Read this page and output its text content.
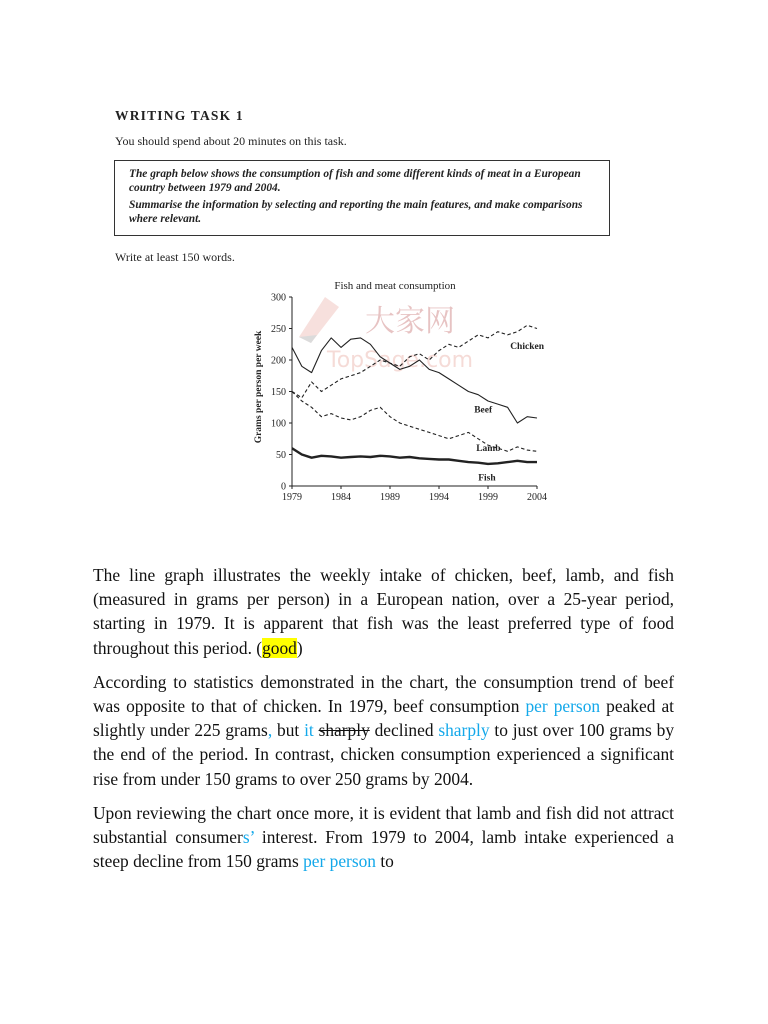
WRITING TASK 1
You should spend about 20 minutes on this task.

The graph below shows the consumption of fish and some different kinds of meat in a European country between 1979 and 2004.

Summarise the information by selecting and reporting the main features, and make comparisons where relevant.

Write at least 150 words.
大家网
TopSage.com
Fish and meat consumption
Grams per person per week
0
50
100
150
200
250
300
1979	1984	1989	1994	1999	2004
Chicken
Beef
Lamb
Fish

The line graph illustrates the weekly intake of chicken, beef, lamb, and fish (measured in grams per person) in a European nation, over a 25-year period, starting in 1979. It is apparent that fish was the least preferred type of food throughout this period. (good)

According to statistics demonstrated in the chart, the consumption trend of beef was opposite to that of chicken. In 1979, beef consumption per person peaked at slightly under 225 grams, but it sharply declined sharply to just over 100 grams by the end of the period. In contrast, chicken consumption experienced a significant rise from under 150 grams to over 250 grams by 2004.

Upon reviewing the chart once more, it is evident that lamb and fish did not attract substantial consumers’ interest. From 1979 to 2004, lamb intake experienced a steep decline from 150 grams per person to
